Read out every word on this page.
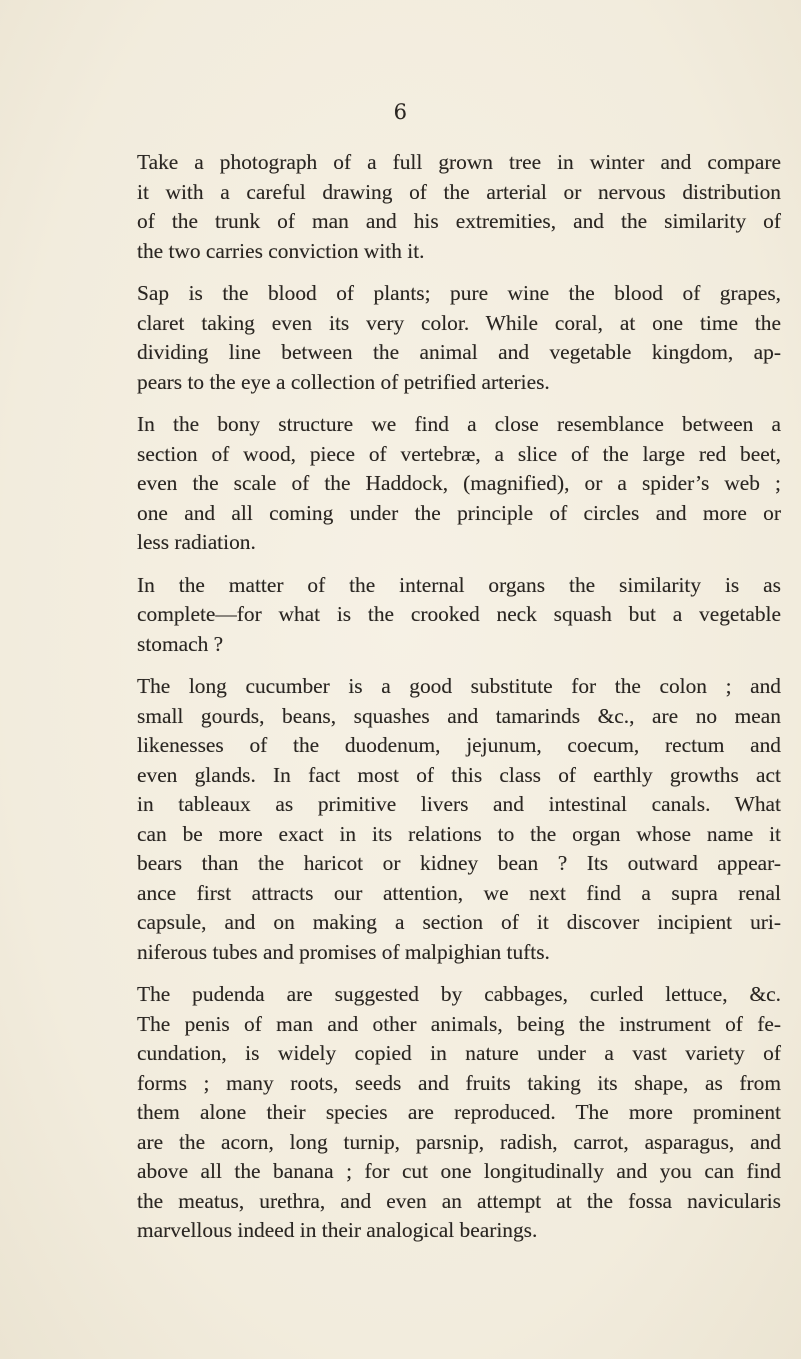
6
Take a photograph of a full grown tree in winter and compare
it with a careful drawing of the arterial or nervous distribution
of the trunk of man and his extremities, and the similarity of
the two carries conviction with it.
Sap is the blood of plants; pure wine the blood of grapes,
claret taking even its very color. While coral, at one time the
dividing line between the animal and vegetable kingdom, ap-
pears to the eye a collection of petrified arteries.
In the bony structure we find a close resemblance between a
section of wood, piece of vertebræ, a slice of the large red beet,
even the scale of the Haddock, (magnified), or a spider’s web ;
one and all coming under the principle of circles and more or
less radiation.
In the matter of the internal organs the similarity is as
complete—for what is the crooked neck squash but a vegetable
stomach ?
The long cucumber is a good substitute for the colon ; and
small gourds, beans, squashes and tamarinds &c., are no mean
likenesses of the duodenum, jejunum, coecum, rectum and
even glands. In fact most of this class of earthly growths act
in tableaux as primitive livers and intestinal canals. What
can be more exact in its relations to the organ whose name it
bears than the haricot or kidney bean ? Its outward appear-
ance first attracts our attention, we next find a supra renal
capsule, and on making a section of it discover incipient uri-
niferous tubes and promises of malpighian tufts.
The pudenda are suggested by cabbages, curled lettuce, &c.
The penis of man and other animals, being the instrument of fe-
cundation, is widely copied in nature under a vast variety of
forms ; many roots, seeds and fruits taking its shape, as from
them alone their species are reproduced. The more prominent
are the acorn, long turnip, parsnip, radish, carrot, asparagus, and
above all the banana ; for cut one longitudinally and you can find
the meatus, urethra, and even an attempt at the fossa navicularis
marvellous indeed in their analogical bearings.
